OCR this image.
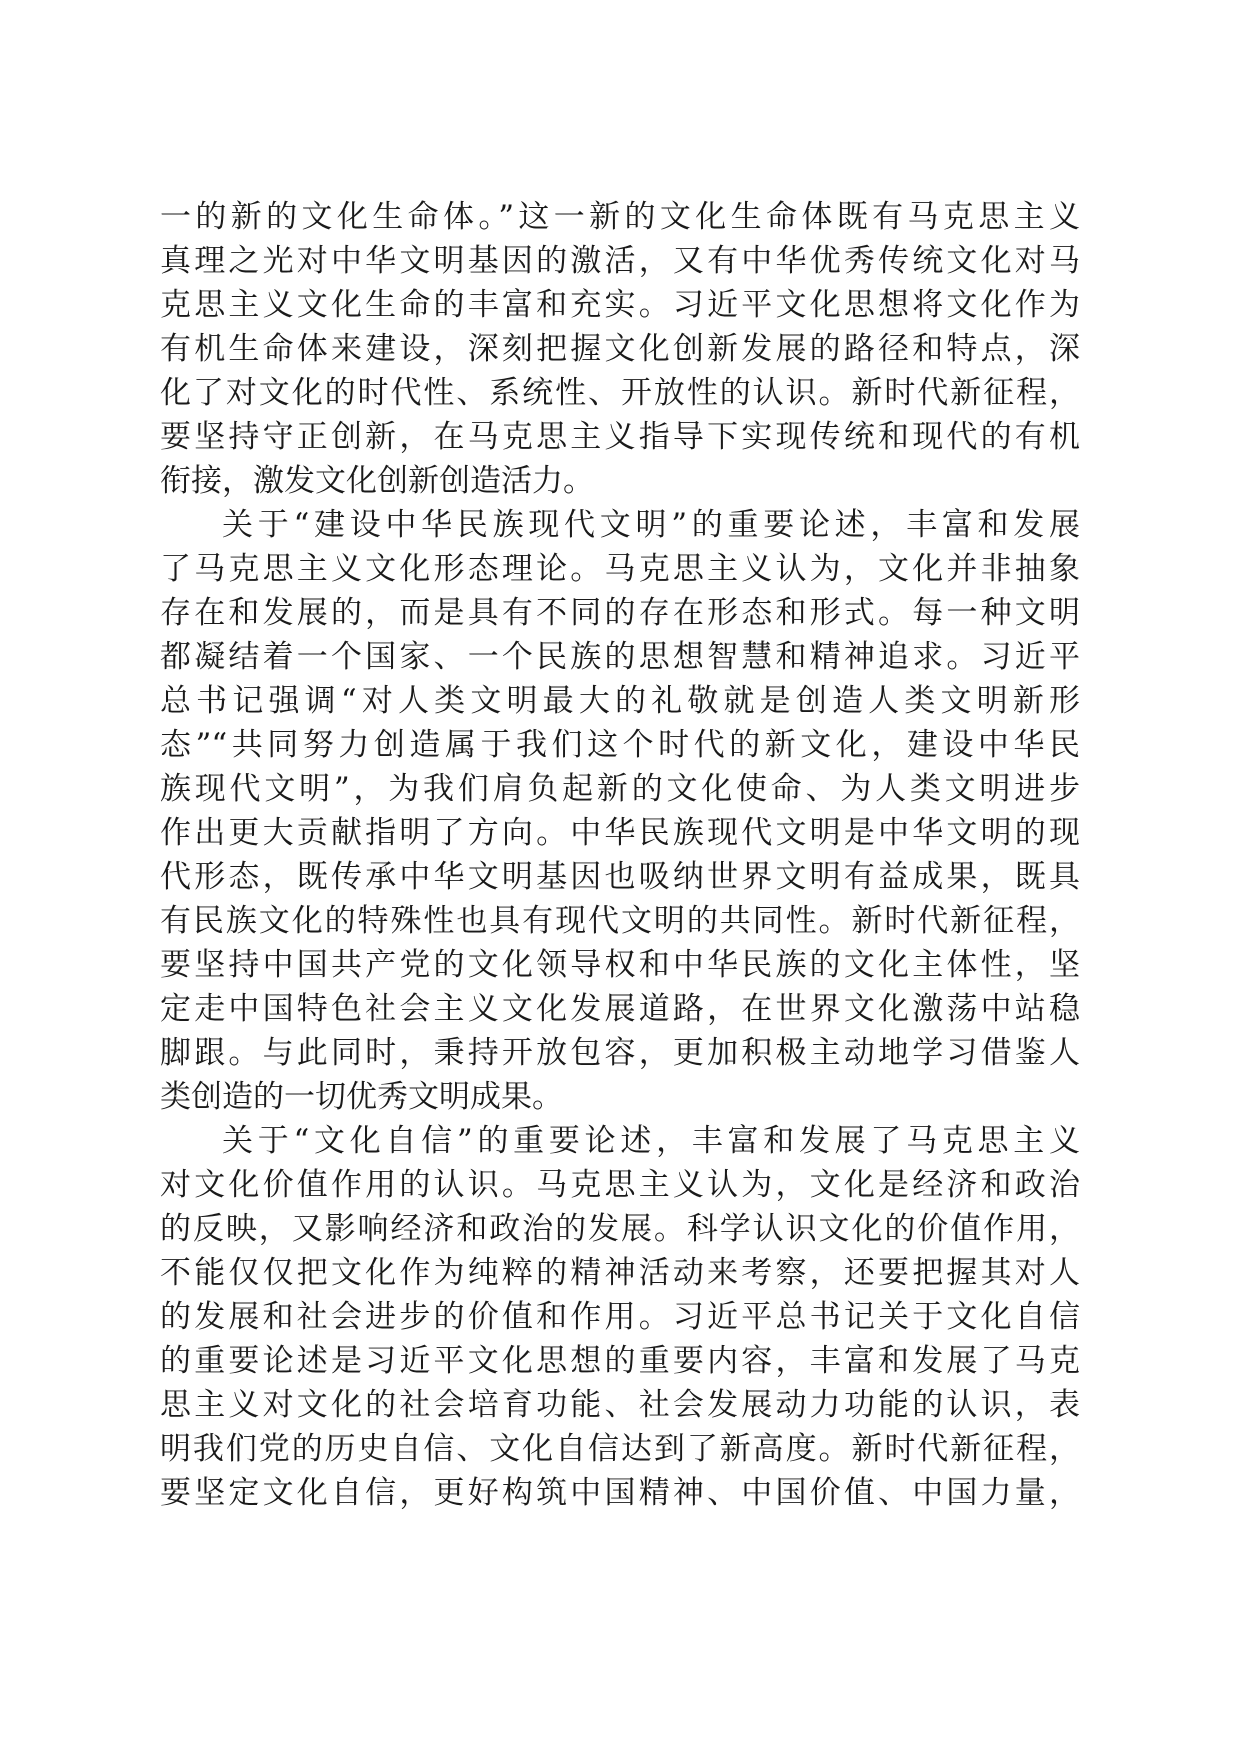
一的新的文化生命体。”这一新的文化生命体既有马克思主义
真理之光对中华文明基因的激活，又有中华优秀传统文化对马
克思主义文化生命的丰富和充实。习近平文化思想将文化作为
有机生命体来建设，深刻把握文化创新发展的路径和特点，深
化了对文化的时代性、系统性、开放性的认识。新时代新征程，
要坚持守正创新，在马克思主义指导下实现传统和现代的有机
衔接，激发文化创新创造活力。
关于“建设中华民族现代文明”的重要论述，丰富和发展
了马克思主义文化形态理论。马克思主义认为，文化并非抽象
存在和发展的，而是具有不同的存在形态和形式。每一种文明
都凝结着一个国家、一个民族的思想智慧和精神追求。习近平
总书记强调“对人类文明最大的礼敬就是创造人类文明新形
态”“共同努力创造属于我们这个时代的新文化，建设中华民
族现代文明”，为我们肩负起新的文化使命、为人类文明进步
作出更大贡献指明了方向。中华民族现代文明是中华文明的现
代形态，既传承中华文明基因也吸纳世界文明有益成果，既具
有民族文化的特殊性也具有现代文明的共同性。新时代新征程，
要坚持中国共产党的文化领导权和中华民族的文化主体性，坚
定走中国特色社会主义文化发展道路，在世界文化激荡中站稳
脚跟。与此同时，秉持开放包容，更加积极主动地学习借鉴人
类创造的一切优秀文明成果。
关于“文化自信”的重要论述，丰富和发展了马克思主义
对文化价值作用的认识。马克思主义认为，文化是经济和政治
的反映，又影响经济和政治的发展。科学认识文化的价值作用，
不能仅仅把文化作为纯粹的精神活动来考察，还要把握其对人
的发展和社会进步的价值和作用。习近平总书记关于文化自信
的重要论述是习近平文化思想的重要内容，丰富和发展了马克
思主义对文化的社会培育功能、社会发展动力功能的认识，表
明我们党的历史自信、文化自信达到了新高度。新时代新征程，
要坚定文化自信，更好构筑中国精神、中国价值、中国力量，
